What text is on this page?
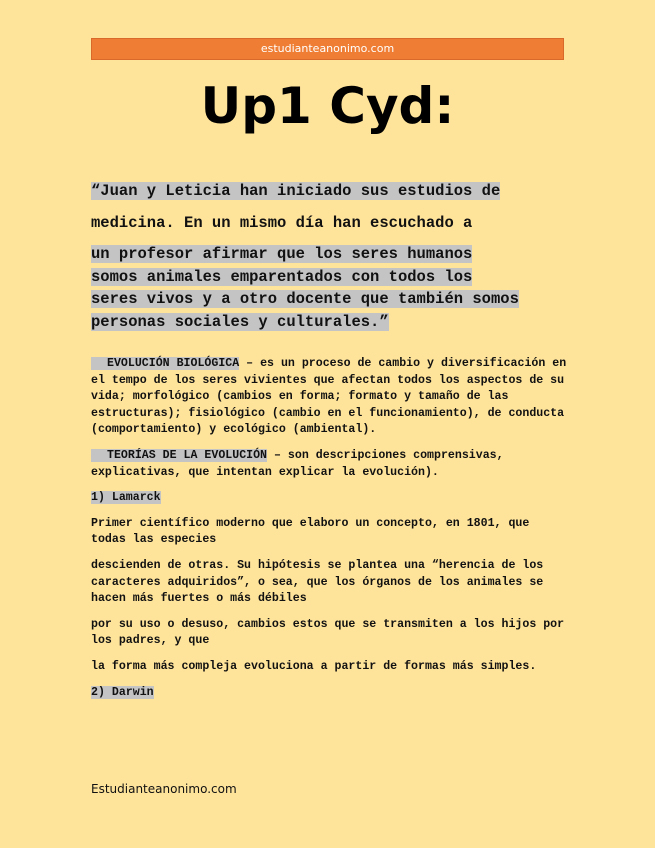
estudianteanonimo.com
Up1 Cyd:
“Juan y Leticia han iniciado sus estudios de
medicina. En un mismo día han escuchado a
un profesor afirmar que los seres humanos
somos animales emparentados con todos los
seres vivos y a otro docente que también somos
personas sociales y culturales.”

EVOLUCIÓN BIOLÓGICA – es un proceso de cambio y diversificación en el tempo de los seres vivientes que afectan todos los aspectos de su vida; morfológico (cambios en forma; formato y tamaño de las estructuras); fisiológico (cambio en el funcionamiento), de conducta (comportamiento) y ecológico (ambiental).

TEORÍAS DE LA EVOLUCIÓN – son descripciones comprensivas, explicativas, que intentan explicar la evolución).

1) Lamarck

Primer científico moderno que elaboro un concepto, en 1801, que todas las especies

descienden de otras. Su hipótesis se plantea una “herencia de los caracteres adquiridos”, o sea, que los órganos de los animales se hacen más fuertes o más débiles

por su uso o desuso, cambios estos que se transmiten a los hijos por los padres, y que

la forma más compleja evoluciona a partir de formas más simples.

2) Darwin

Estudianteanonimo.com
